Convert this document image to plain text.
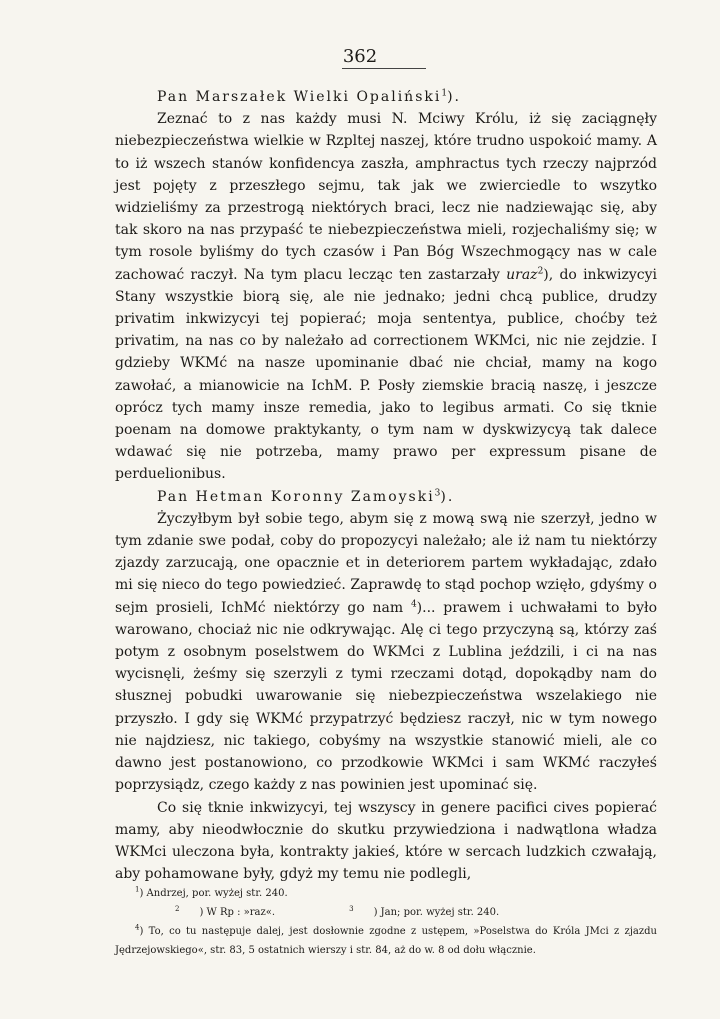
362

Pan Marszałek Wielki Opaliński$^1$).

Zeznać to z nas każdy musi N. Mciwy Królu, iż się zaciągnęły niebezpieczeństwa wielkie w Rzpltej naszej, które trudno uspokoić mamy. A to iż wszech stanów konfidencya zaszła, amphractus tych rzeczy najprzód jest pojęty z przeszłego sejmu, tak jak we zwierciedle to wszytko widzieliśmy za przestrogą niektórych braci, lecz nie nadziewając się, aby tak skoro na nas przypaść te niebezpieczeństwa mieli, rozjechaliśmy się; w tym rosole byliśmy do tych czasów i Pan Bóg Wszechmogący nas w cale zachować raczył. Na tym placu lecząc ten zastarzały uraz$^2$), do inkwizycyi Stany wszystkie biorą się, ale nie jednako; jedni chcą publice, drudzy privatim inkwizycyi tej popierać; moja sententya, publice, choćby też privatim, na nas co by należało ad correctionem WKMci, nic nie zejdzie. I gdzieby WKMć na nasze upominanie dbać nie chciał, mamy na kogo zawołać, a mianowicie na IchM. P. Posły ziemskie bracią naszę, i jeszcze oprócz tych mamy insze remedia, jako to legibus armati. Co się tknie poenam na domowe praktykanty, o tym nam w dyskwizycyą tak dalece wdawać się nie potrzeba, mamy prawo per expressum pisane de perduelionibus.

Pan Hetman Koronny Zamoyski$^3$).

Życzyłbym był sobie tego, abym się z mową swą nie szerzył, jedno w tym zdanie swe podał, coby do propozycyi należało; ale iż nam tu niektórzy zjazdy zarzucają, one opacznie et in deteriorem partem wykładając, zdało mi się nieco do tego powiedzieć. Zaprawdę to stąd pochop wzięło, gdyśmy o sejm prosieli, IchMć niektórzy go nam $^4$)... prawem i uchwałami to było warowano, chociaż nic nie odkrywając. Alę ci tego przyczyną są, którzy zaś potym z osobnym poselstwem do WKMci z Lublina jeździli, i ci na nas wycisnęli, żeśmy się szerzyli z tymi rzeczami dotąd, dopokądby nam do słusznej pobudki uwarowanie się niebezpieczeństwa wszelakiego nie przyszło. I gdy się WKMć przypatrzyć będziesz raczył, nic w tym nowego nie najdziesz, nic takiego, cobyśmy na wszystkie stanowić mieli, ale co dawno jest postanowiono, co przodkowie WKMci i sam WKMć raczyłeś poprzysiądz, czego każdy z nas powinien jest upominać się.

Co się tknie inkwizycyi, tej wszyscy in genere pacifici cives popierać mamy, aby nieodwłocznie do skutku przywiedziona i nadwątlona władza WKMci uleczona była, kontrakty jakieś, które w sercach ludzkich czwałają, aby pohamowane były, gdyż my temu nie podlegli,

$^1$) Andrzej, por. wyżej str. 240.

2 ) W Rp : »raz«.	3 ) Jan; por. wyżej str. 240.

$^4$) To, co tu następuje dalej, jest dosłownie zgodne z ustępem, »Poselstwa do Króla JMci z zjazdu Jędrzejowskiego«, str. 83, 5 ostatnich wierszy i str. 84, aż do w. 8 od dołu włącznie.
